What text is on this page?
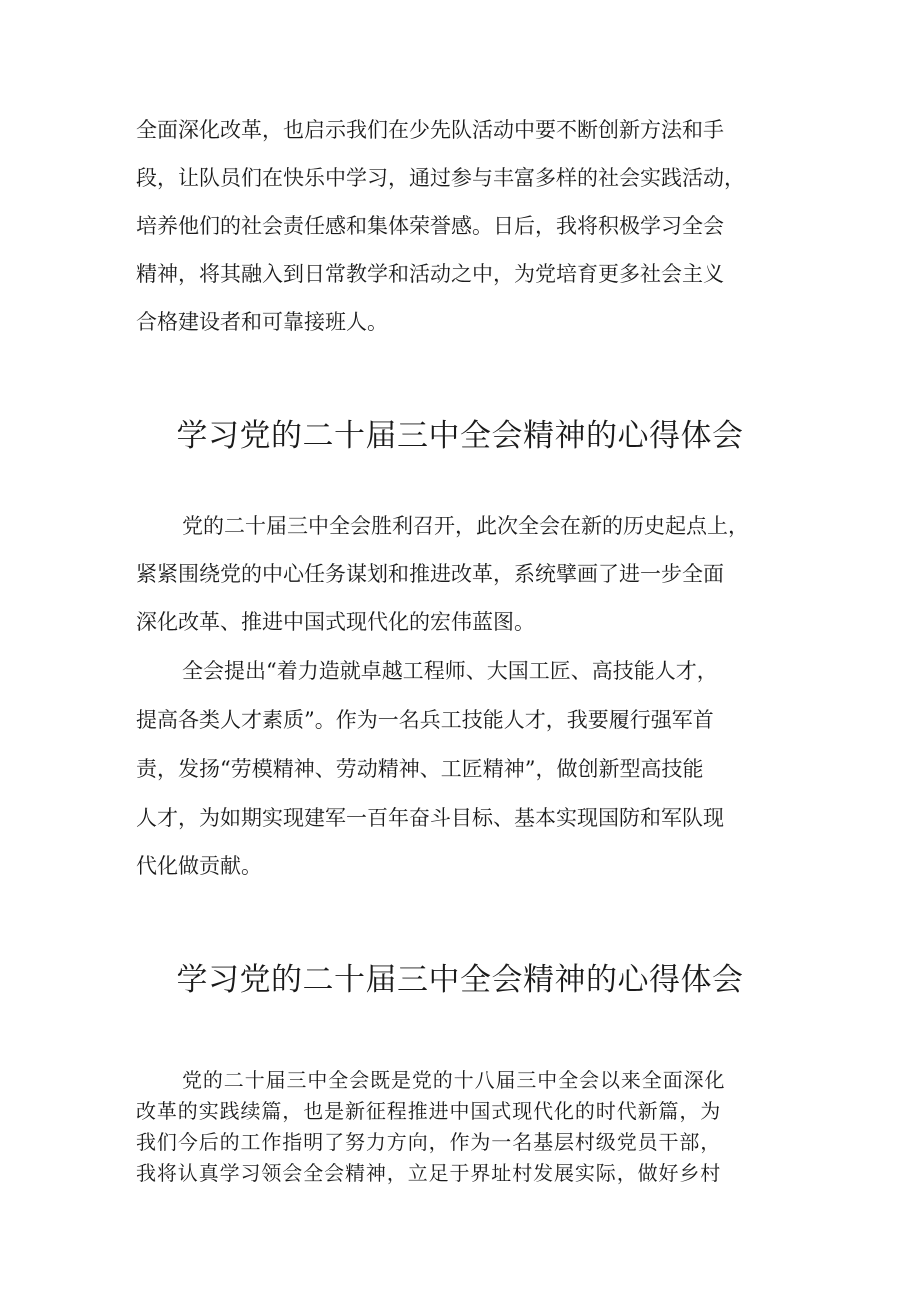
全面深化改革，也启示我们在少先队活动中要不断创新方法和手

段，让队员们在快乐中学习，通过参与丰富多样的社会实践活动，

培养他们的社会责任感和集体荣誉感。日后，我将积极学习全会

精神，将其融入到日常教学和活动之中，为党培育更多社会主义

合格建设者和可靠接班人。

学习党的二十届三中全会精神的心得体会

党的二十届三中全会胜利召开，此次全会在新的历史起点上，

紧紧围绕党的中心任务谋划和推进改革，系统擘画了进一步全面

深化改革、推进中国式现代化的宏伟蓝图。

全会提出“着力造就卓越工程师、大国工匠、高技能人才，

提高各类人才素质”。作为一名兵工技能人才，我要履行强军首

责，发扬“劳模精神、劳动精神、工匠精神”，做创新型高技能

人才，为如期实现建军一百年奋斗目标、基本实现国防和军队现

代化做贡献。

学习党的二十届三中全会精神的心得体会

党的二十届三中全会既是党的十八届三中全会以来全面深化

改革的实践续篇，也是新征程推进中国式现代化的时代新篇，为

我们今后的工作指明了努力方向，作为一名基层村级党员干部，

我将认真学习领会全会精神，立足于界址村发展实际，做好乡村
